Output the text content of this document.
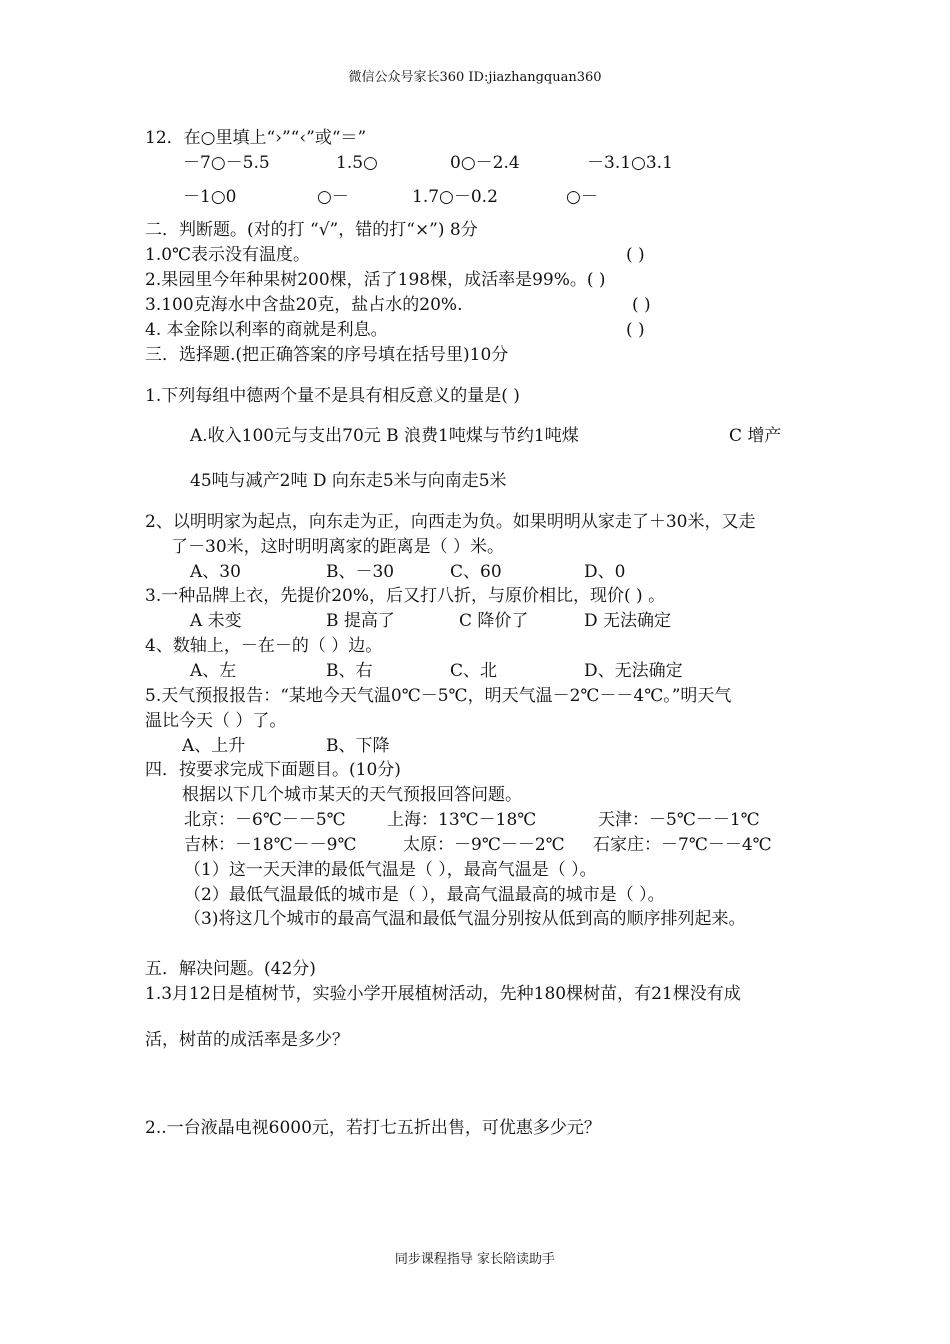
微信公众号家长360 ID:jiazhangquan360
12．在○里填上“›”“‹”或“＝”
－7○－5.5	1.5○	0○－2.4	－3.1○3.1
－1○0	○－	1.7○－0.2	○－
二．判断题。(对的打 “√”，错的打“×”) 8分
1.0℃表示没有温度。	( )
2.果园里今年种果树200棵，活了198棵，成活率是99%。( )
3.100克海水中含盐20克，盐占水的20%.	( )
4. 本金除以利率的商就是利息。	( )
三．选择题.(把正确答案的序号填在括号里)10分
1.下列每组中德两个量不是具有相反意义的量是( )
A.收入100元与支出70元 B 浪费1吨煤与节约1吨煤	C 增产
45吨与减产2吨 D 向东走5米与向南走5米
2、以明明家为起点，向东走为正，向西走为负。如果明明从家走了＋30米，又走
了－30米，这时明明离家的距离是（ ）米。
A、30	B、－30	C、60	D、0
3.一种品牌上衣，先提价20%，后又打八折，与原价相比，现价( ) 。
A 未变	B 提高了	C 降价了	D 无法确定
4、数轴上，－在－的（ ）边。
A、左	B、右	C、北	D、无法确定
5.天气预报报告：“某地今天气温0℃－5℃，明天气温－2℃－－4℃。”明天气
温比今天（ ）了。
A、上升	B、下降
四．按要求完成下面题目。(10分)
根据以下几个城市某天的天气预报回答问题。
北京：－6℃－－5℃ 上海：13℃－18℃	天津：－5℃－－1℃
吉林：－18℃－－9℃	太原：－9℃－－2℃ 石家庄：－7℃－－4℃
（1）这一天天津的最低气温是（ ），最高气温是（ ）。
（2）最低气温最低的城市是（ ），最高气温最高的城市是（ ）。
（3)将这几个城市的最高气温和最低气温分别按从低到高的顺序排列起来。
五．解决问题。(42分)
1.3月12日是植树节，实验小学开展植树活动，先种180棵树苗，有21棵没有成
活，树苗的成活率是多少？
2..一台液晶电视6000元，若打七五折出售，可优惠多少元？
同步课程指导 家长陪读助手
